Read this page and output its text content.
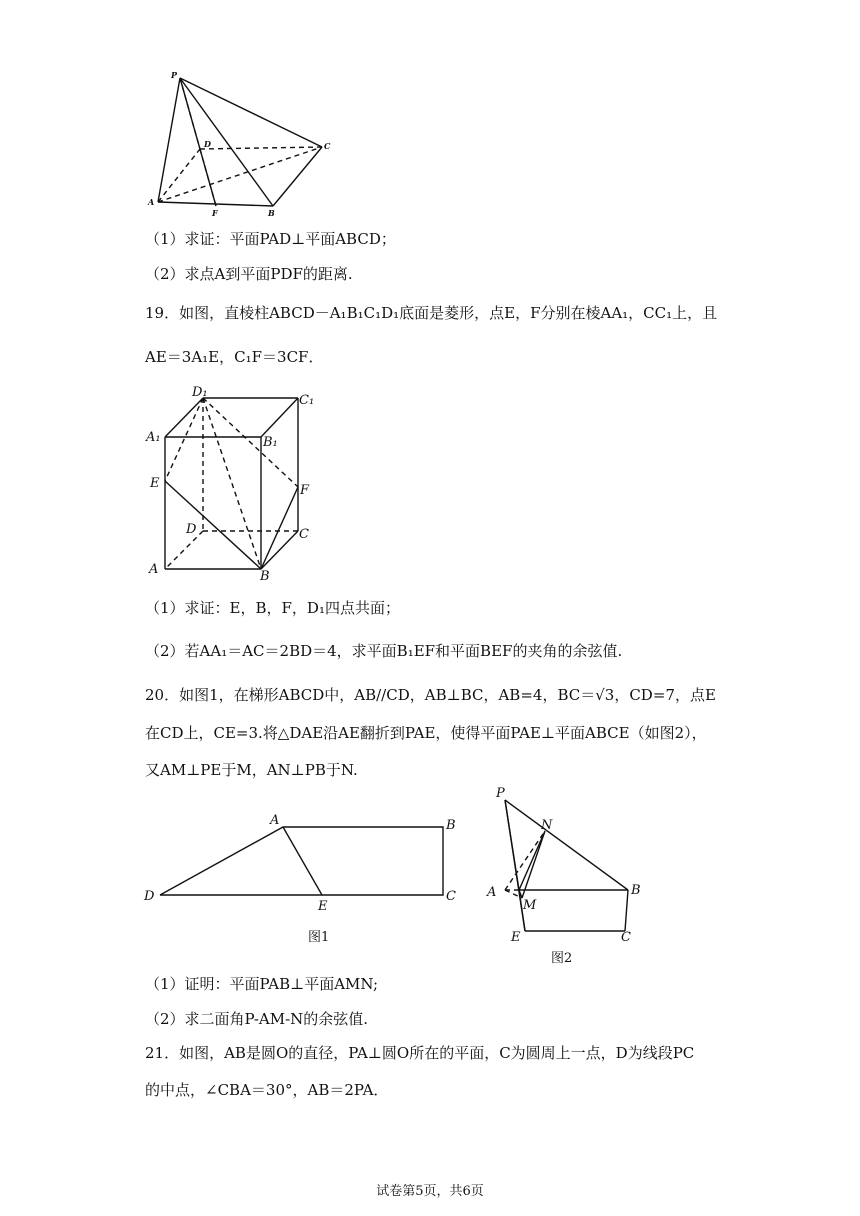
P
D	C
A
F	B
（1）求证：平面PAD⊥平面ABCD；
（2）求点A到平面PDF的距离.
19．如图，直棱柱ABCD－A₁B₁C₁D₁底面是菱形，点E，F分别在棱AA₁，CC₁上，且
AE＝3A₁E，C₁F＝3CF．
D₁
C₁
A₁	B₁
E	F
D	C
A	B
（1）求证：E，B，F，D₁四点共面；
（2）若AA₁＝AC＝2BD＝4，求平面B₁EF和平面BEF的夹角的余弦值.
20．如图1，在梯形ABCD中，AB//CD，AB⊥BC，AB=4，BC＝√3，CD=7，点E
在CD上，CE=3.将△DAE沿AE翻折到PAE，使得平面PAE⊥平面ABCE（如图2），
又AM⊥PE于M，AN⊥PB于N.
A	B
C
D
E
图1
P
N
A
M
B
E	C
图2
（1）证明：平面PAB⊥平面AMN;
（2）求二面角P-AM-N的余弦值.
21．如图，AB是圆O的直径，PA⊥圆O所在的平面，C为圆周上一点，D为线段PC
的中点，∠CBA＝30°，AB＝2PA．
试卷第5页，共6页
